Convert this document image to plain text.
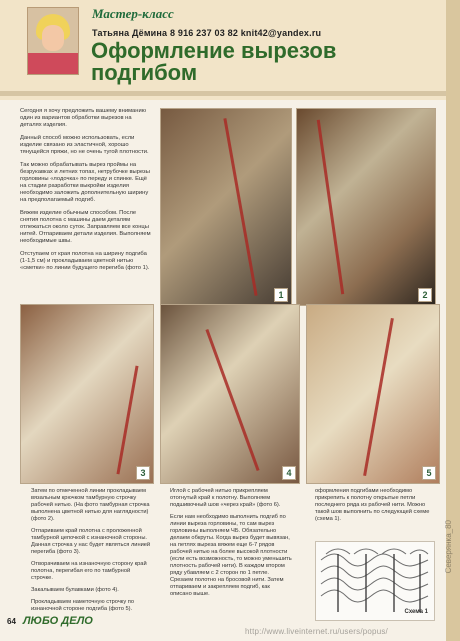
Мастер-класс
Татьяна Дёмина 8 916 237 03 82 knit42@yandex.ru
Оформление вырезов
подгибом

Сегодня я хочу предложить вашему вниманию один из вариантов обработки вырезов на деталях изделия.

Данный способ можно использовать, если изделие связано из эластичной, хорошо тянущейся пряжи, но не очень тугой плотности.

Так можно обрабатывать вырез проймы на безрукавках и летних топах, нетрубочке вырезы горловины «лодочка» по переду и спинке. Ещё на стадии разработки выкройки изделия необходимо заложить дополнительную ширину на предполагаемый подгиб.

Вяжем изделие обычным способом. После снятия полотна с машины даем деталям отлежаться около суток. Заправляем все концы нитей. Отпариваем детали изделия. Выполняем необходимые швы.

Отступаем от края полотна на ширину подгиба (1-1,5 см) и прокладываем цветной нитью «сметки» по линии будущего перегиба (фото 1).

1	2
3	4	5

Затем по отмеченной линии прокладываем вязальным крючком тамбурную строчку рабочей нитью. (На фото тамбурная строчка выполнена цветной нитью для наглядности) (фото 2).

Отпариваем край полотна с проложенной тамбурной цепочкой с изнаночной стороны. Данная строчка у нас будет являться линией перегиба (фото 3).

Отворачиваем на изнаночную сторону край полотна, перегибая его по тамбурной строчке.

Закалываем булавками (фото 4).

Прокладываем наметочную строчку по изнаночной стороне подгиба (фото 5).

Иглой с рабочей нитью прикрепляем отогнутый край к полотну. Выполняем подшивочный шов «через край» (фото 6).

Если нам необходимо выполнить подгиб по линии выреза горловины, то сам вырез горловины выполняем ЧБ. Обязательно делаем обкруты. Когда вырез будет вывязан, на петлях выреза вяжем еще 6-7 рядов рабочей нитью на более высокой плотности (если есть возможность, то можно уменьшить плотность рабочей нити). В каждом втором ряду убавляем с 2 сторон по 1 петле. Срезаем полотно на бросовой нити. Затем отпариваем и закрепляем подгиб, как описано выше.

оформления подгибами необходимо прикрепить к полотну открытые петли последнего ряда из рабочей нити. Можно такой шов выполнить по следующей схеме (схема 1).

Схема 1
64 ЛЮБО ДЕЛО
http://www.liveinternet.ru/users/popus/
Северянка_80
